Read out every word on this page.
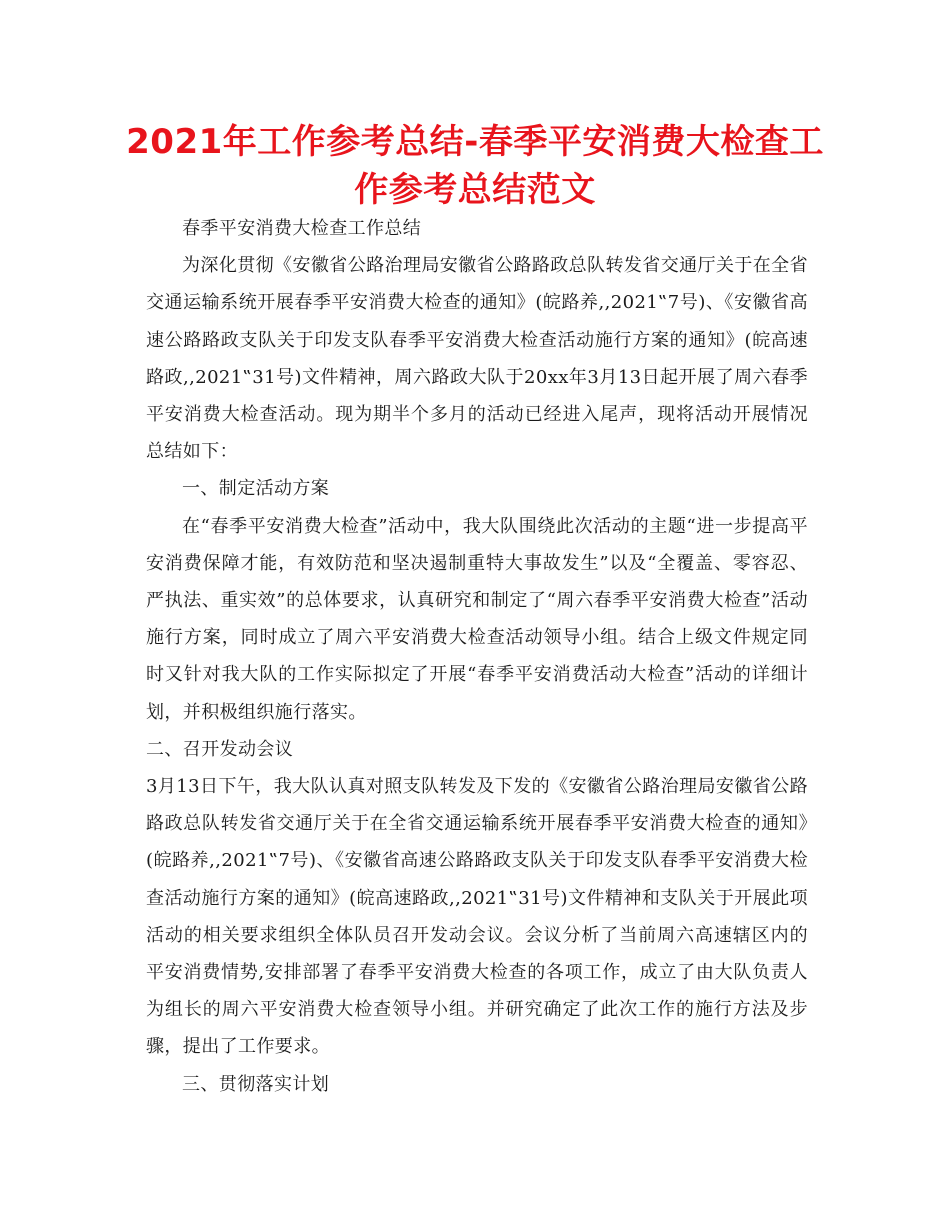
2021年工作参考总结-春季平安消费大检查工作参考总结范文

春季平安消费大检查工作总结

为深化贯彻《安徽省公路治理局安徽省公路路政总队转发省交通厅关于在全省交通运输系统开展春季平安消费大检查的通知》(皖路养,,2021‟7号)、《安徽省高速公路路政支队关于印发支队春季平安消费大检查活动施行方案的通知》(皖高速路政,,2021‟31号)文件精神，周六路政大队于20xx年3月13日起开展了周六春季平安消费大检查活动。现为期半个多月的活动已经进入尾声，现将活动开展情况总结如下：

一、制定活动方案

在“春季平安消费大检查”活动中，我大队围绕此次活动的主题“进一步提高平安消费保障才能，有效防范和坚决遏制重特大事故发生”以及“全覆盖、零容忍、严执法、重实效”的总体要求，认真研究和制定了“周六春季平安消费大检查”活动施行方案，同时成立了周六平安消费大检查活动领导小组。结合上级文件规定同时又针对我大队的工作实际拟定了开展“春季平安消费活动大检查”活动的详细计划，并积极组织施行落实。

二、召开发动会议

3月13日下午，我大队认真对照支队转发及下发的《安徽省公路治理局安徽省公路路政总队转发省交通厅关于在全省交通运输系统开展春季平安消费大检查的通知》(皖路养,,2021‟7号)、《安徽省高速公路路政支队关于印发支队春季平安消费大检查活动施行方案的通知》(皖高速路政,,2021‟31号)文件精神和支队关于开展此项活动的相关要求组织全体队员召开发动会议。会议分析了当前周六高速辖区内的平安消费情势,安排部署了春季平安消费大检查的各项工作，成立了由大队负责人为组长的周六平安消费大检查领导小组。并研究确定了此次工作的施行方法及步骤，提出了工作要求。

三、贯彻落实计划
